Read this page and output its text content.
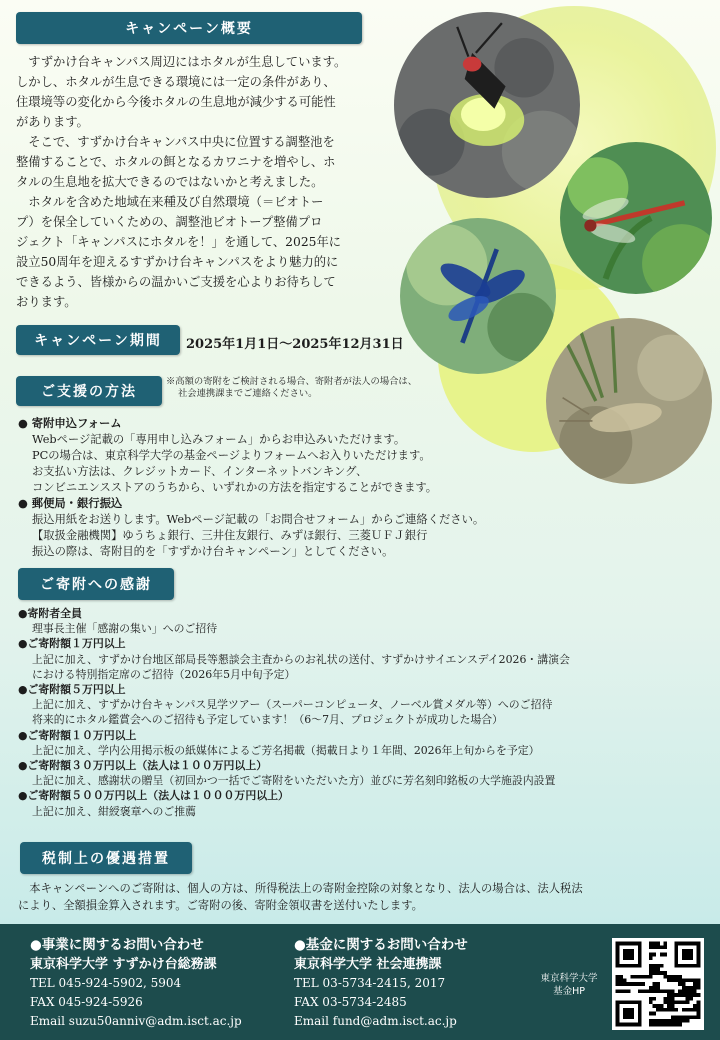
キャンペーン概要

　すずかけ台キャンパス周辺にはホタルが生息しています。
しかし、ホタルが生息できる環境には一定の条件があり、
住環境等の変化から今後ホタルの生息地が減少する可能性
があります。
　そこで、すずかけ台キャンパス中央に位置する調整池を
整備することで、ホタルの餌となるカワニナを増やし、ホ
タルの生息地を拡大できるのではないかと考えました。
　ホタルを含めた地域在来種及び自然環境（＝ビオトー
プ）を保全していくための、調整池ビオトープ整備プロ
ジェクト「キャンパスにホタルを！」を通して、2025年に
設立50周年を迎えるすずかけ台キャンパスをより魅力的に
できるよう、皆様からの温かいご支援を心よりお待ちして
おります。

キャンペーン期間	2025年1月1日～2025年12月31日
ご支援の方法
※高額の寄附をご検討される場合、寄附者が法人の場合は、
社会連携課までご連絡ください。
● 寄附申込フォーム
Webページ記載の「専用申し込みフォーム」からお申込みいただけます。
PCの場合は、東京科学大学の基金ページよりフォームへお入りいただけます。
お支払い方法は、クレジットカード、インターネットバンキング、
コンビニエンスストアのうちから、いずれかの方法を指定することができます。
● 郵便局・銀行振込
振込用紙をお送りします。Webページ記載の「お問合せフォーム」からご連絡ください。
【取扱金融機関】ゆうちょ銀行、三井住友銀行、みずほ銀行、三菱ＵＦＪ銀行
振込の際は、寄附目的を「すずかけ台キャンペーン」としてください。
ご寄附への感謝
●寄附者全員
理事長主催「感謝の集い」へのご招待
●ご寄附額１万円以上
上記に加え、すずかけ台地区部局長等懇談会主査からのお礼状の送付、すずかけサイエンスデイ2026・講演会
における特別指定席のご招待（2026年5月中旬予定）
●ご寄附額５万円以上
上記に加え、すずかけ台キャンパス見学ツアー（スーパーコンピュータ、ノーベル賞メダル等）へのご招待
将来的にホタル鑑賞会へのご招待も予定しています！（6～7月、プロジェクトが成功した場合）
●ご寄附額１０万円以上
上記に加え、学内公用掲示板の紙媒体によるご芳名掲載（掲載日より１年間、2026年上旬からを予定）
●ご寄附額３０万円以上（法人は１００万円以上）
上記に加え、感謝状の贈呈（初回かつ一括でご寄附をいただいた方）並びに芳名刻印銘板の大学施設内設置
●ご寄附額５００万円以上（法人は１０００万円以上）
上記に加え、紺綬褒章へのご推薦
税制上の優遇措置
　本キャンペーンへのご寄附は、個人の方は、所得税法上の寄附金控除の対象となり、法人の場合は、法人税法
により、全額損金算入されます。ご寄附の後、寄附金領収書を送付いたします。
●事業に関するお問い合わせ
東京科学大学 すずかけ台総務課
TEL 045-924-5902, 5904
FAX 045-924-5926
Email suzu50anniv@adm.isct.ac.jp
●基金に関するお問い合わせ
東京科学大学 社会連携課
TEL 03-5734-2415, 2017
FAX 03-5734-2485
Email fund@adm.isct.ac.jp
東京科学大学
基金HP
